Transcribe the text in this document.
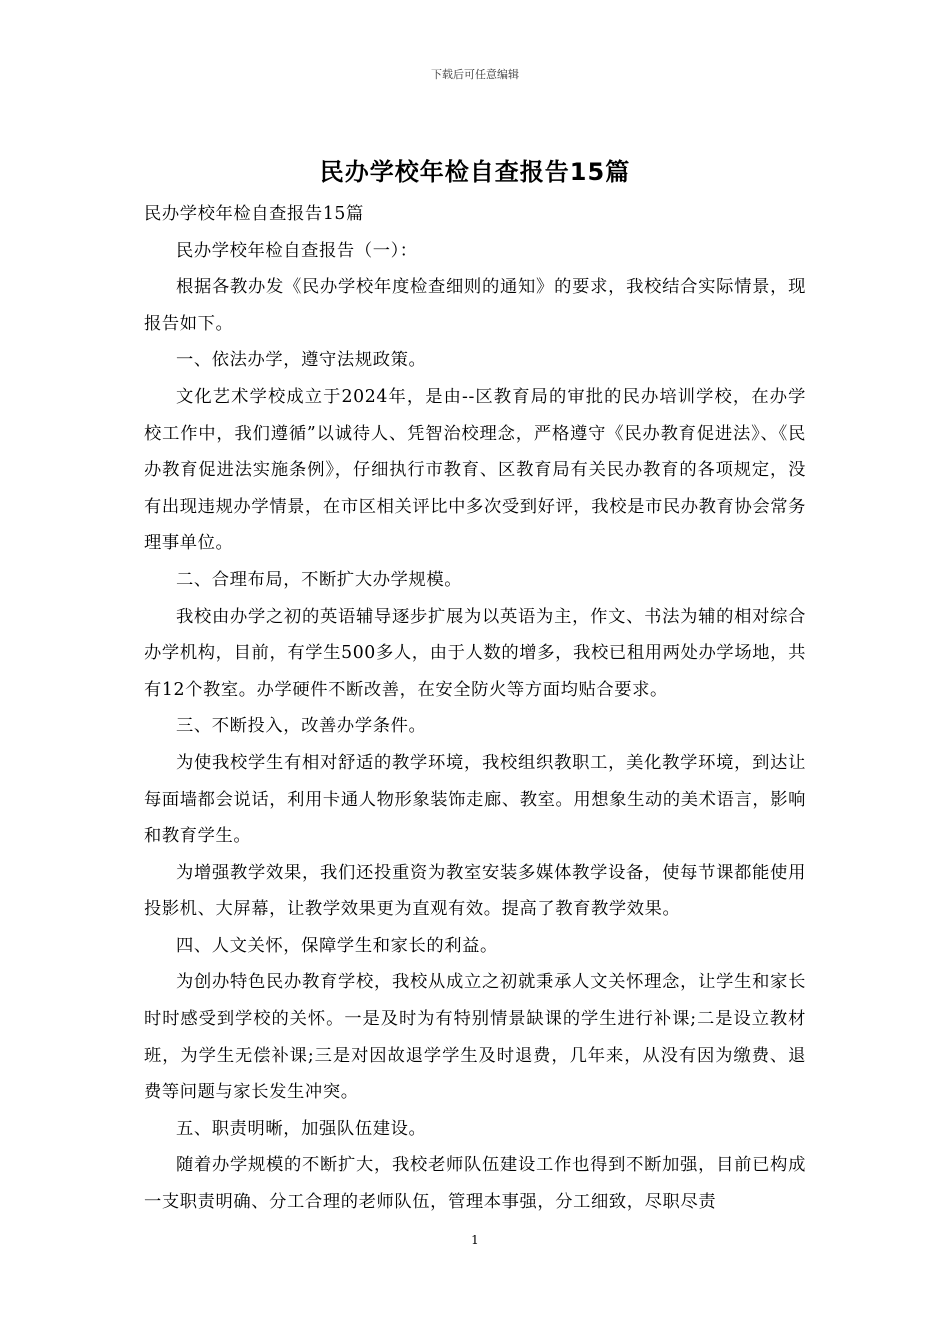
下载后可任意编辑
民办学校年检自查报告15篇

民办学校年检自查报告15篇

民办学校年检自查报告（一）：

根据各教办发《民办学校年度检查细则的通知》的要求，我校结合实际情景，现报告如下。

一、依法办学，遵守法规政策。

文化艺术学校成立于2024年，是由--区教育局的审批的民办培训学校，在办学校工作中，我们遵循”以诚待人、凭智治校理念，严格遵守《民办教育促进法》、《民办教育促进法实施条例》，仔细执行市教育、区教育局有关民办教育的各项规定，没有出现违规办学情景，在市区相关评比中多次受到好评，我校是市民办教育协会常务理事单位。

二、合理布局，不断扩大办学规模。

我校由办学之初的英语辅导逐步扩展为以英语为主，作文、书法为辅的相对综合办学机构，目前，有学生500多人，由于人数的增多，我校已租用两处办学场地，共有12个教室。办学硬件不断改善，在安全防火等方面均贴合要求。

三、不断投入，改善办学条件。

为使我校学生有相对舒适的教学环境，我校组织教职工，美化教学环境，到达让每面墙都会说话，利用卡通人物形象装饰走廊、教室。用想象生动的美术语言，影响和教育学生。

为增强教学效果，我们还投重资为教室安装多媒体教学设备，使每节课都能使用投影机、大屏幕，让教学效果更为直观有效。提高了教育教学效果。

四、人文关怀，保障学生和家长的利益。

为创办特色民办教育学校，我校从成立之初就秉承人文关怀理念，让学生和家长时时感受到学校的关怀。一是及时为有特别情景缺课的学生进行补课;二是设立教材班，为学生无偿补课;三是对因故退学学生及时退费，几年来，从没有因为缴费、退费等问题与家长发生冲突。

五、职责明晰，加强队伍建设。

随着办学规模的不断扩大，我校老师队伍建设工作也得到不断加强，目前已构成一支职责明确、分工合理的老师队伍，管理本事强，分工细致，尽职尽责

1
